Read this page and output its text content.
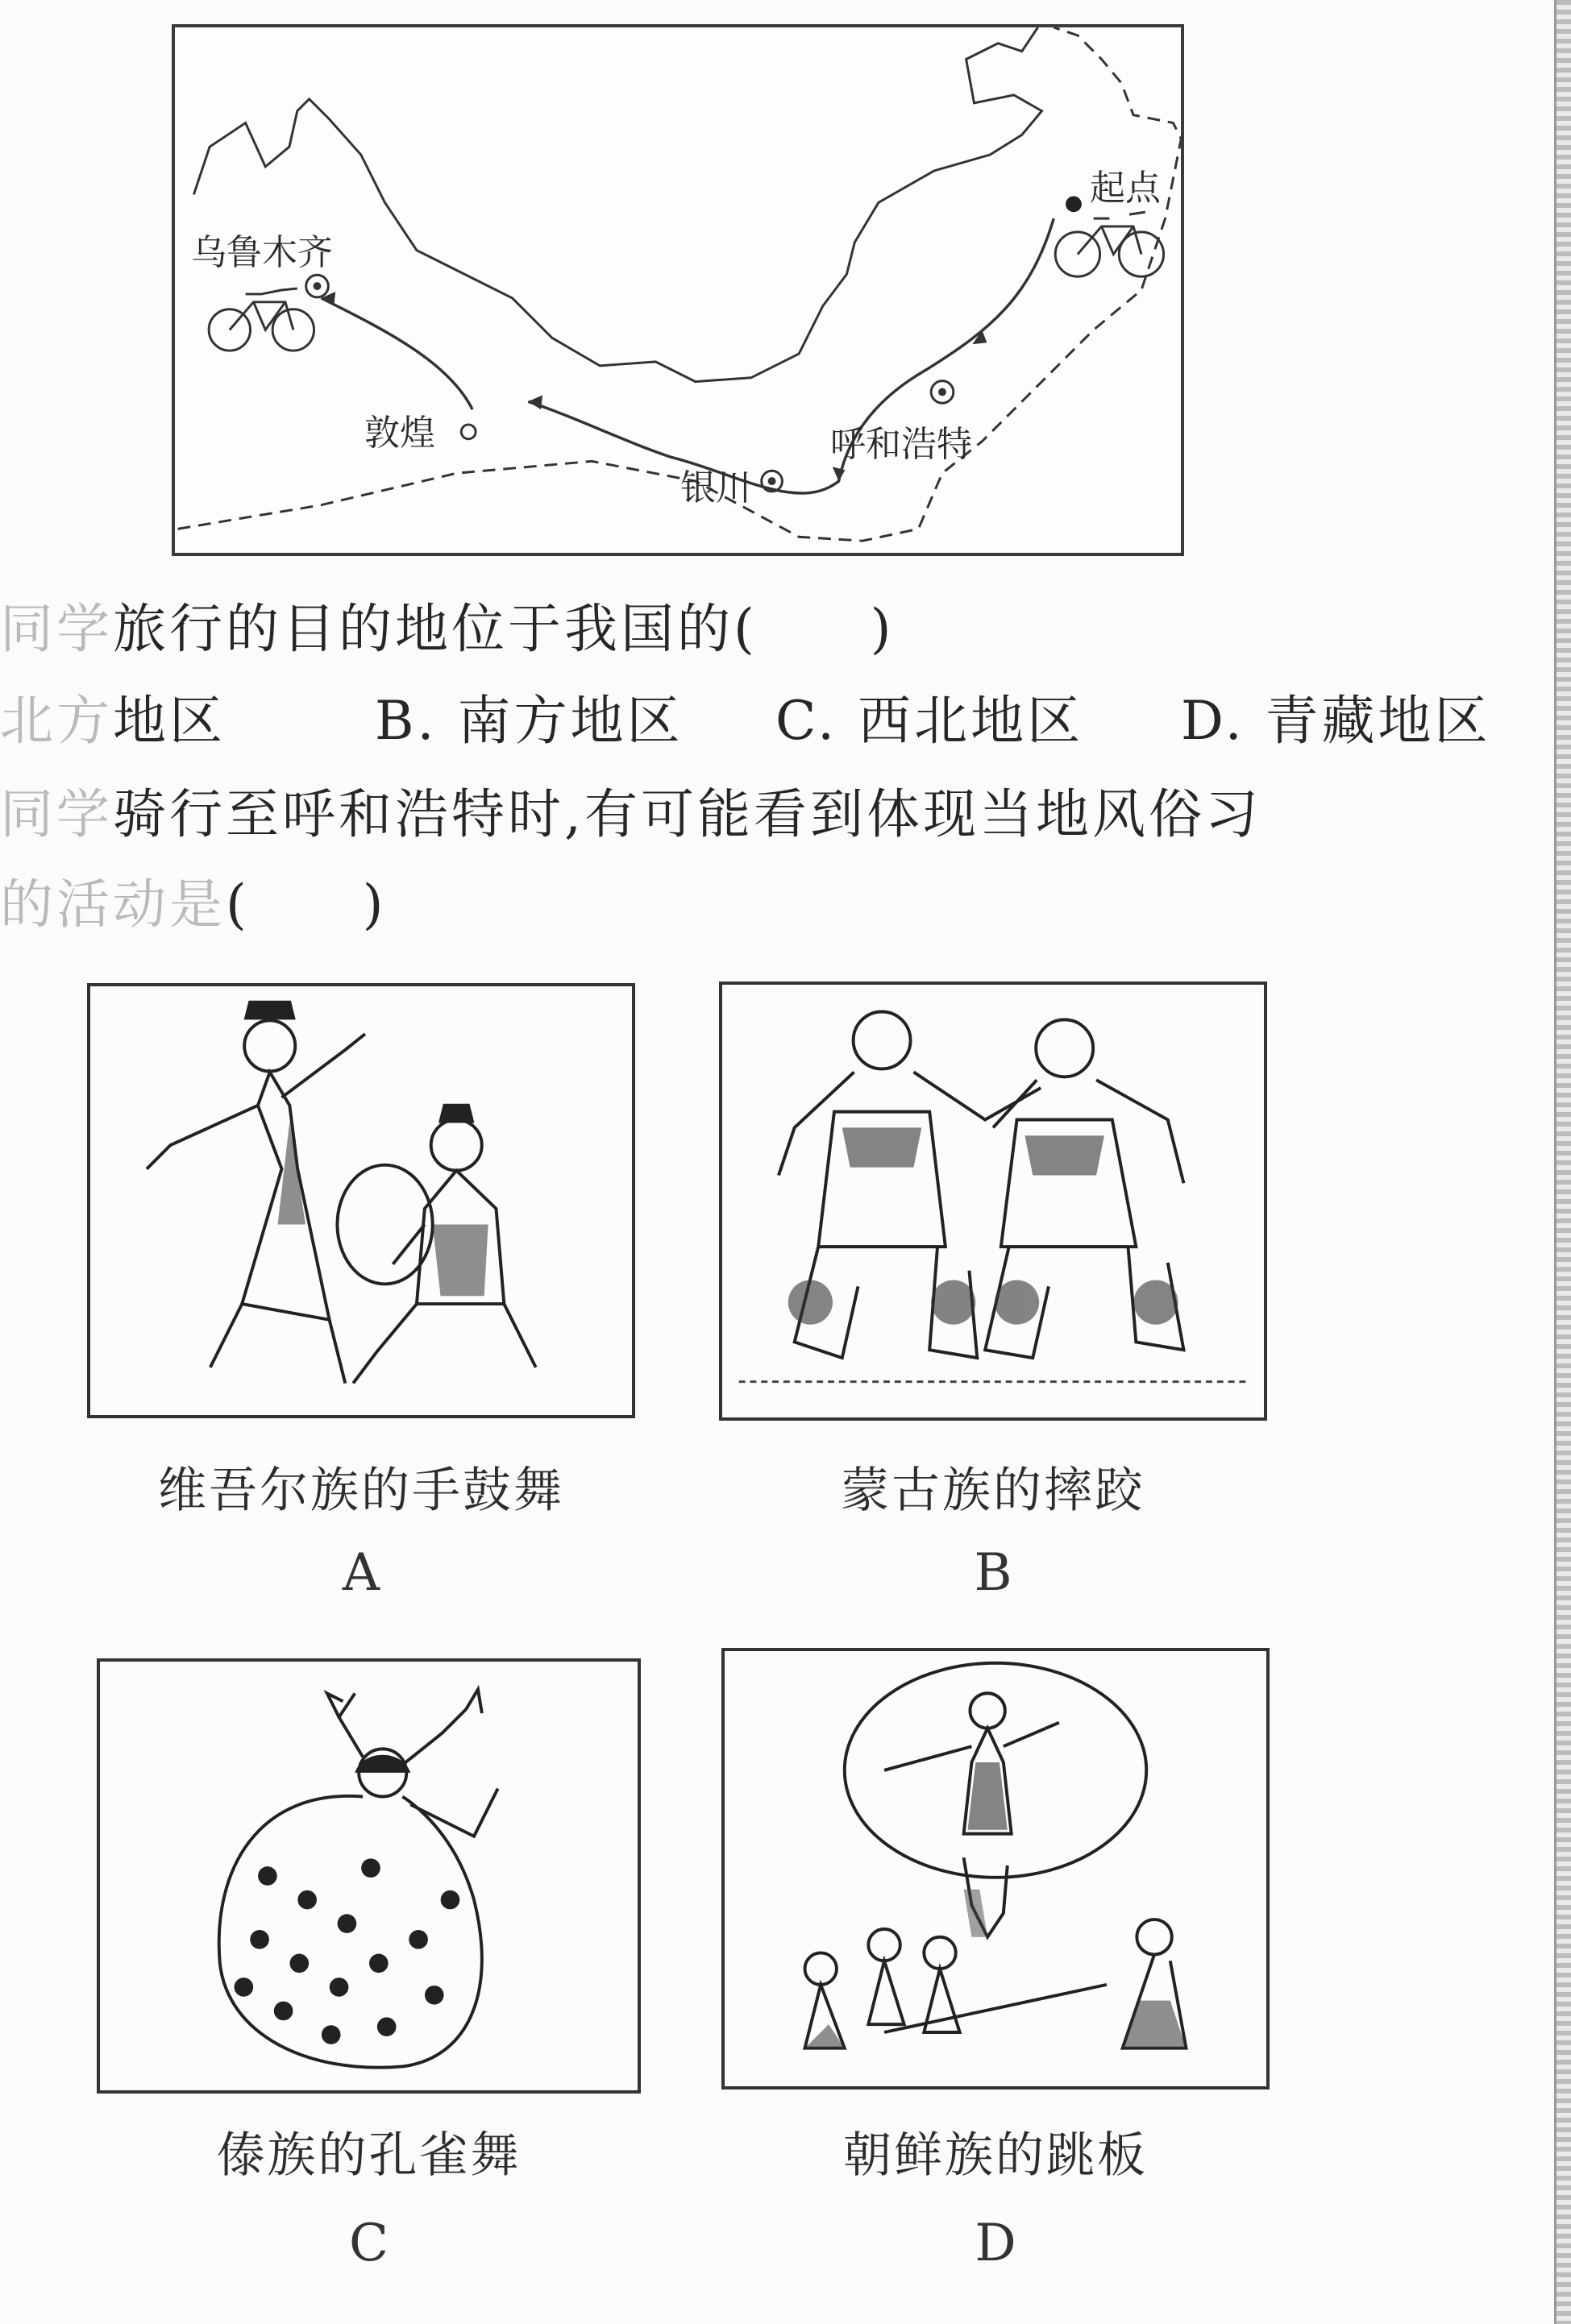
乌鲁木齐
起点
敦煌	呼和浩特
银川
同学旅行的目的地位于我国的(　　)
北方地区	B. 南方地区 C. 西北地区 D. 青藏地区
同学骑行至呼和浩特时,有可能看到体现当地风俗习
的活动是(　　)
维吾尔族的手鼓舞
A
蒙古族的摔跤
B
傣族的孔雀舞
C
朝鲜族的跳板
D
